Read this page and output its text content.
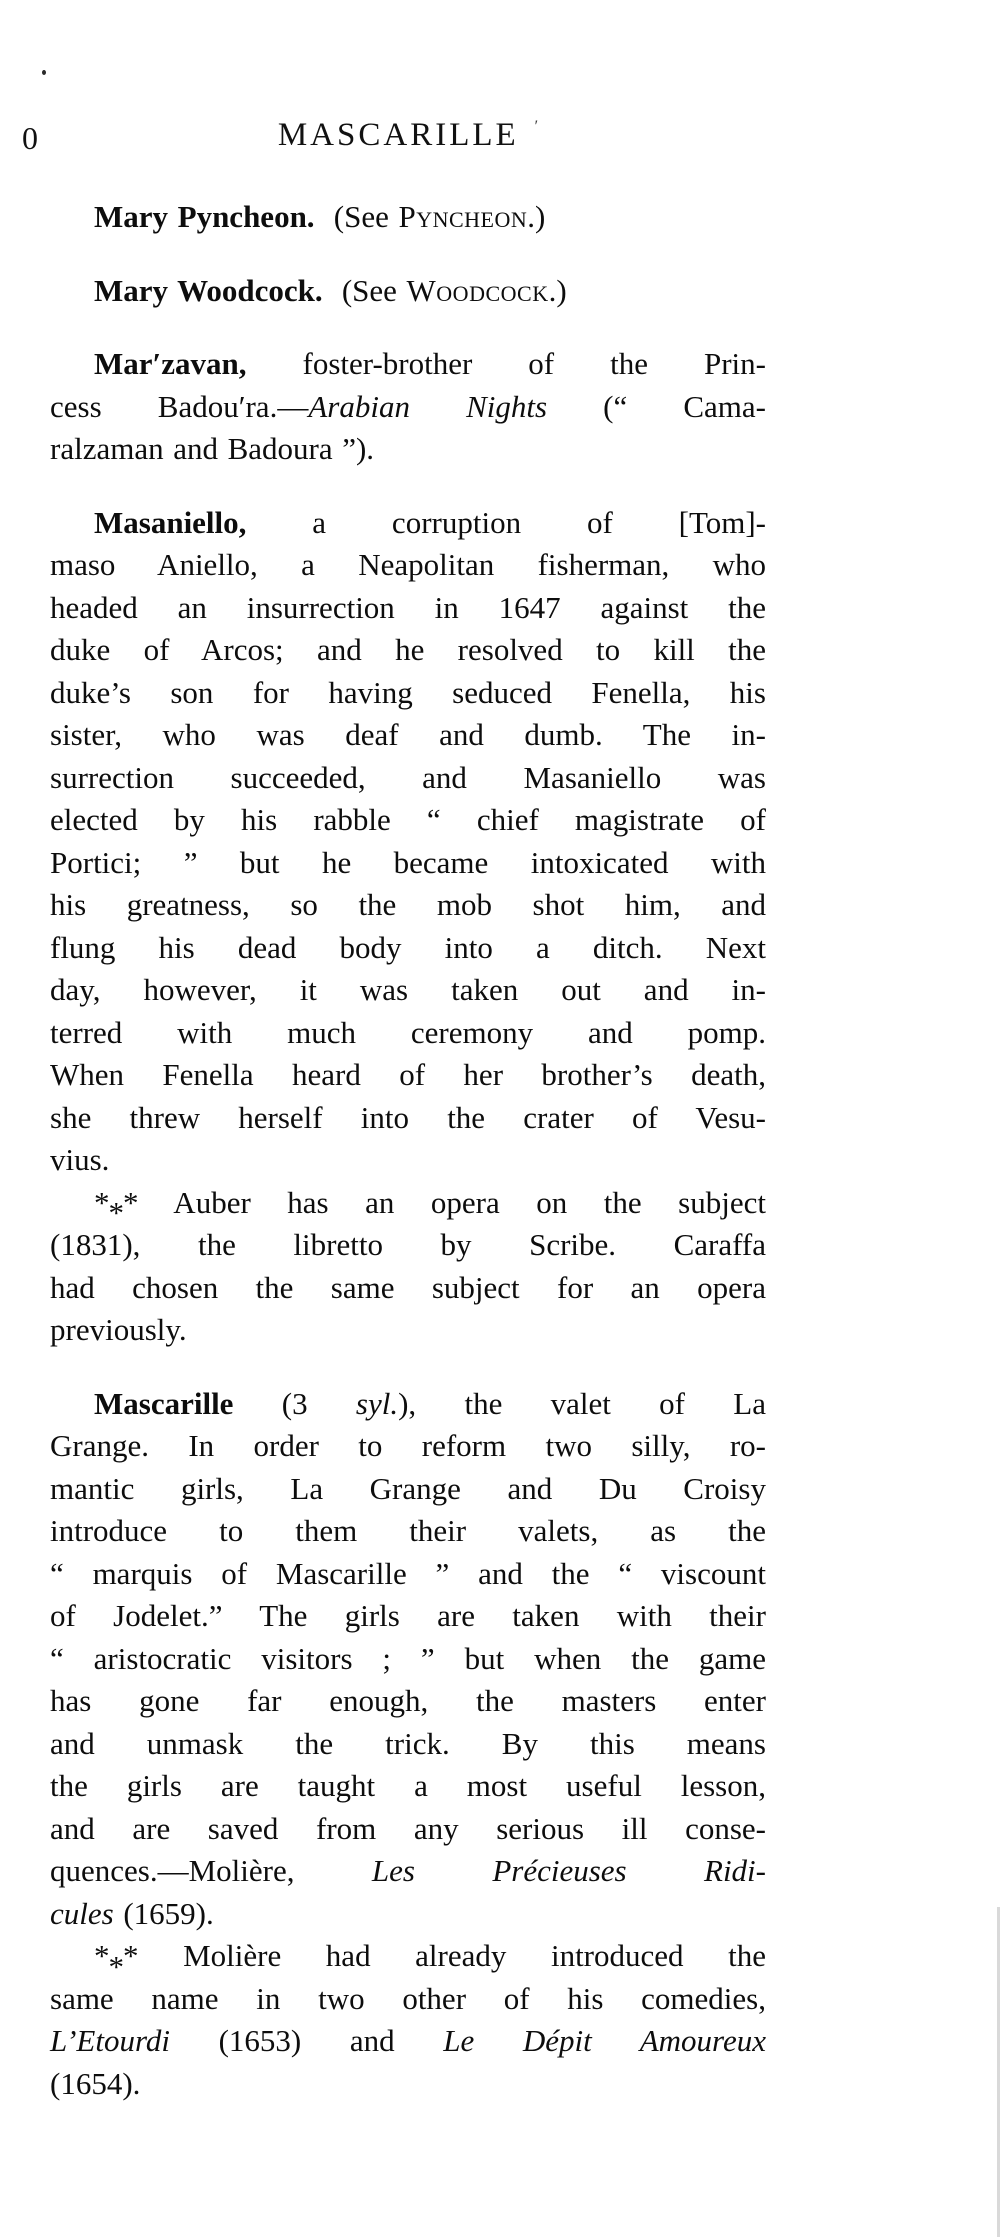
0	MASCARILLE ′
Mary Pyncheon.  (See Pyncheon.)
Mary Woodcock.  (See Woodcock.)
Mar′zavan, foster-brother of the Prin-
cess Badou′ra.—Arabian Nights (“ Cama-
ralzaman and Badoura ”).
Masaniello, a corruption of [Tom]-
maso Aniello, a Neapolitan fisherman, who
headed an insurrection in 1647 against the
duke of Arcos; and he resolved to kill the
duke’s son for having seduced Fenella, his
sister, who was deaf and dumb. The in-
surrection succeeded, and Masaniello was
elected by his rabble “ chief magistrate of
Portici; ” but he became intoxicated with
his greatness, so the mob shot him, and
flung his dead body into a ditch. Next
day, however, it was taken out and in-
terred with much ceremony and pomp.
When Fenella heard of her brother’s death,
she threw herself into the crater of Vesu-
vius.
*** Auber has an opera on the subject
(1831), the libretto by Scribe. Caraffa
had chosen the same subject for an opera
previously.
Mascarille (3 syl.), the valet of La
Grange. In order to reform two silly, ro-
mantic girls, La Grange and Du Croisy
introduce to them their valets, as the
“ marquis of Mascarille ” and the “ viscount
of Jodelet.” The girls are taken with their
“ aristocratic visitors ; ” but when the game
has gone far enough, the masters enter
and unmask the trick. By this means
the girls are taught a most useful lesson,
and are saved from any serious ill conse-
quences.—Molière, Les Précieuses Ridi-
cules (1659).
*** Molière had already introduced the
same name in two other of his comedies,
L’Etourdi (1653) and Le Dépit Amoureux
(1654).
